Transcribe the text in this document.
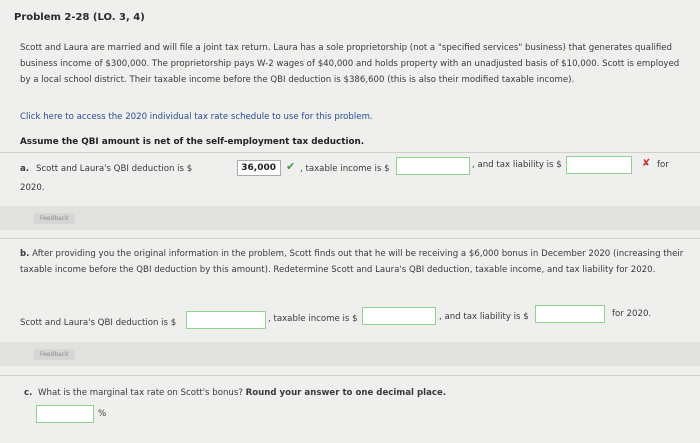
Problem 2-28 (LO. 3, 4)
Scott and Laura are married and will file a joint tax return. Laura has a sole proprietorship (not a "specified services" business) that generates qualified business income of $300,000. The proprietorship pays W-2 wages of $40,000 and holds property with an unadjusted basis of $10,000. Scott is employed by a local school district. Their taxable income before the QBI deduction is $386,600 (this is also their modified taxable income).
Click here to access the 2020 individual tax rate schedule to use for this problem.
Assume the QBI amount is net of the self-employment tax deduction.
a. Scott and Laura's QBI deduction is $	36,000 ✔ , taxable income is $	, and tax liability is $	✘ for
2020.
Feedback
b. After providing you the original information in the problem, Scott finds out that he will be receiving a $6,000 bonus in December 2020 (increasing their taxable income before the QBI deduction by this amount). Redetermine Scott and Laura's QBI deduction, taxable income, and tax liability for 2020.
Scott and Laura's QBI deduction is $	, taxable income is $	, and tax liability is $	for 2020.
Feedback
c. What is the marginal tax rate on Scott's bonus? Round your answer to one decimal place.
%
